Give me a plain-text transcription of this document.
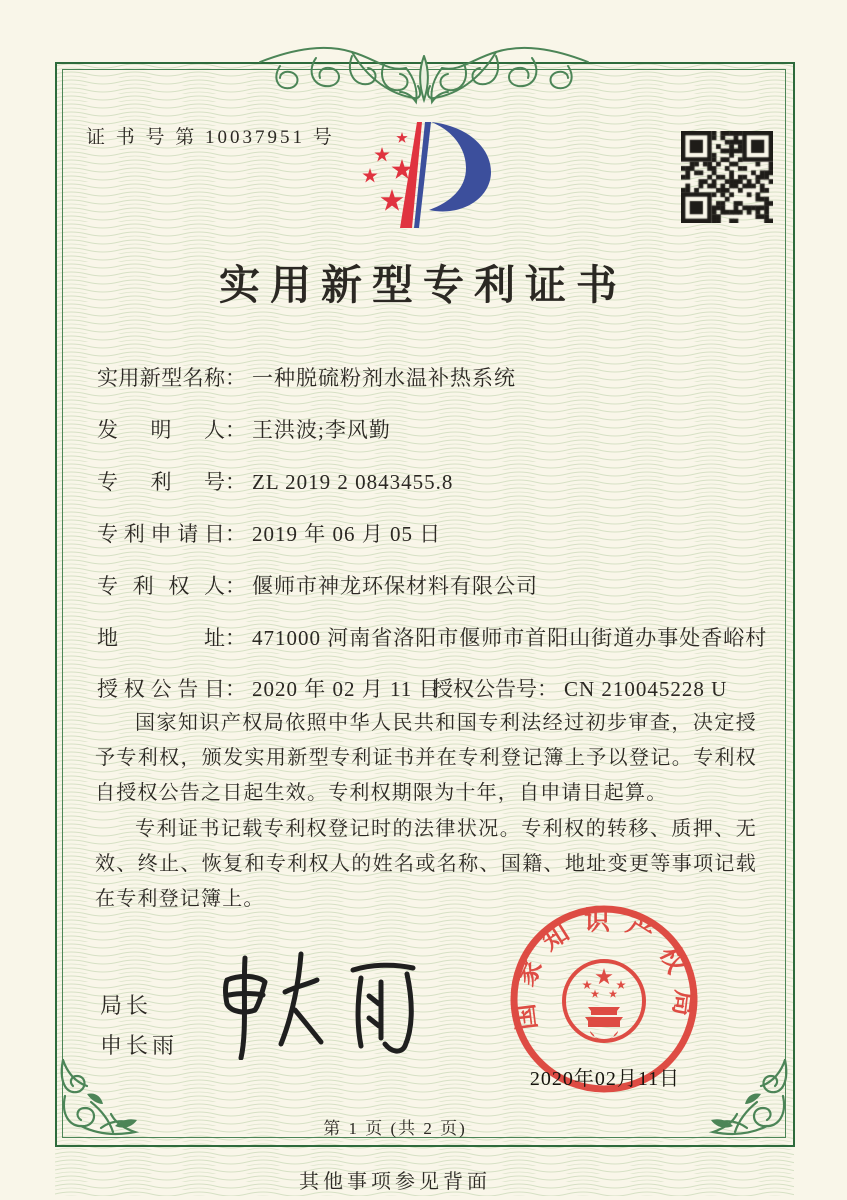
证 书 号 第 10037951 号
实用新型专利证书
实用新型名称： 一种脱硫粉剂水温补热系统
发明人： 王洪波;李风勤
专利号： ZL 2019 2 0843455.8
专利申请日： 2019 年 06 月 05 日
专利权人： 偃师市神龙环保材料有限公司
地址： 471000 河南省洛阳市偃师市首阳山街道办事处香峪村
授权公告日： 2020 年 02 月 11 日
授权公告号： CN 210045228 U
国家知识产权局依照中华人民共和国专利法经过初步审查，决定授予专利权，颁发实用新型专利证书并在专利登记簿上予以登记。专利权自授权公告之日起生效。专利权期限为十年，自申请日起算。
专利证书记载专利权登记时的法律状况。专利权的转移、质押、无效、终止、恢复和专利权人的姓名或名称、国籍、地址变更等事项记载在专利登记簿上。
局长
申长雨
国家知识产权局
2020年02月11日
第 1 页 (共 2 页)
其他事项参见背面
